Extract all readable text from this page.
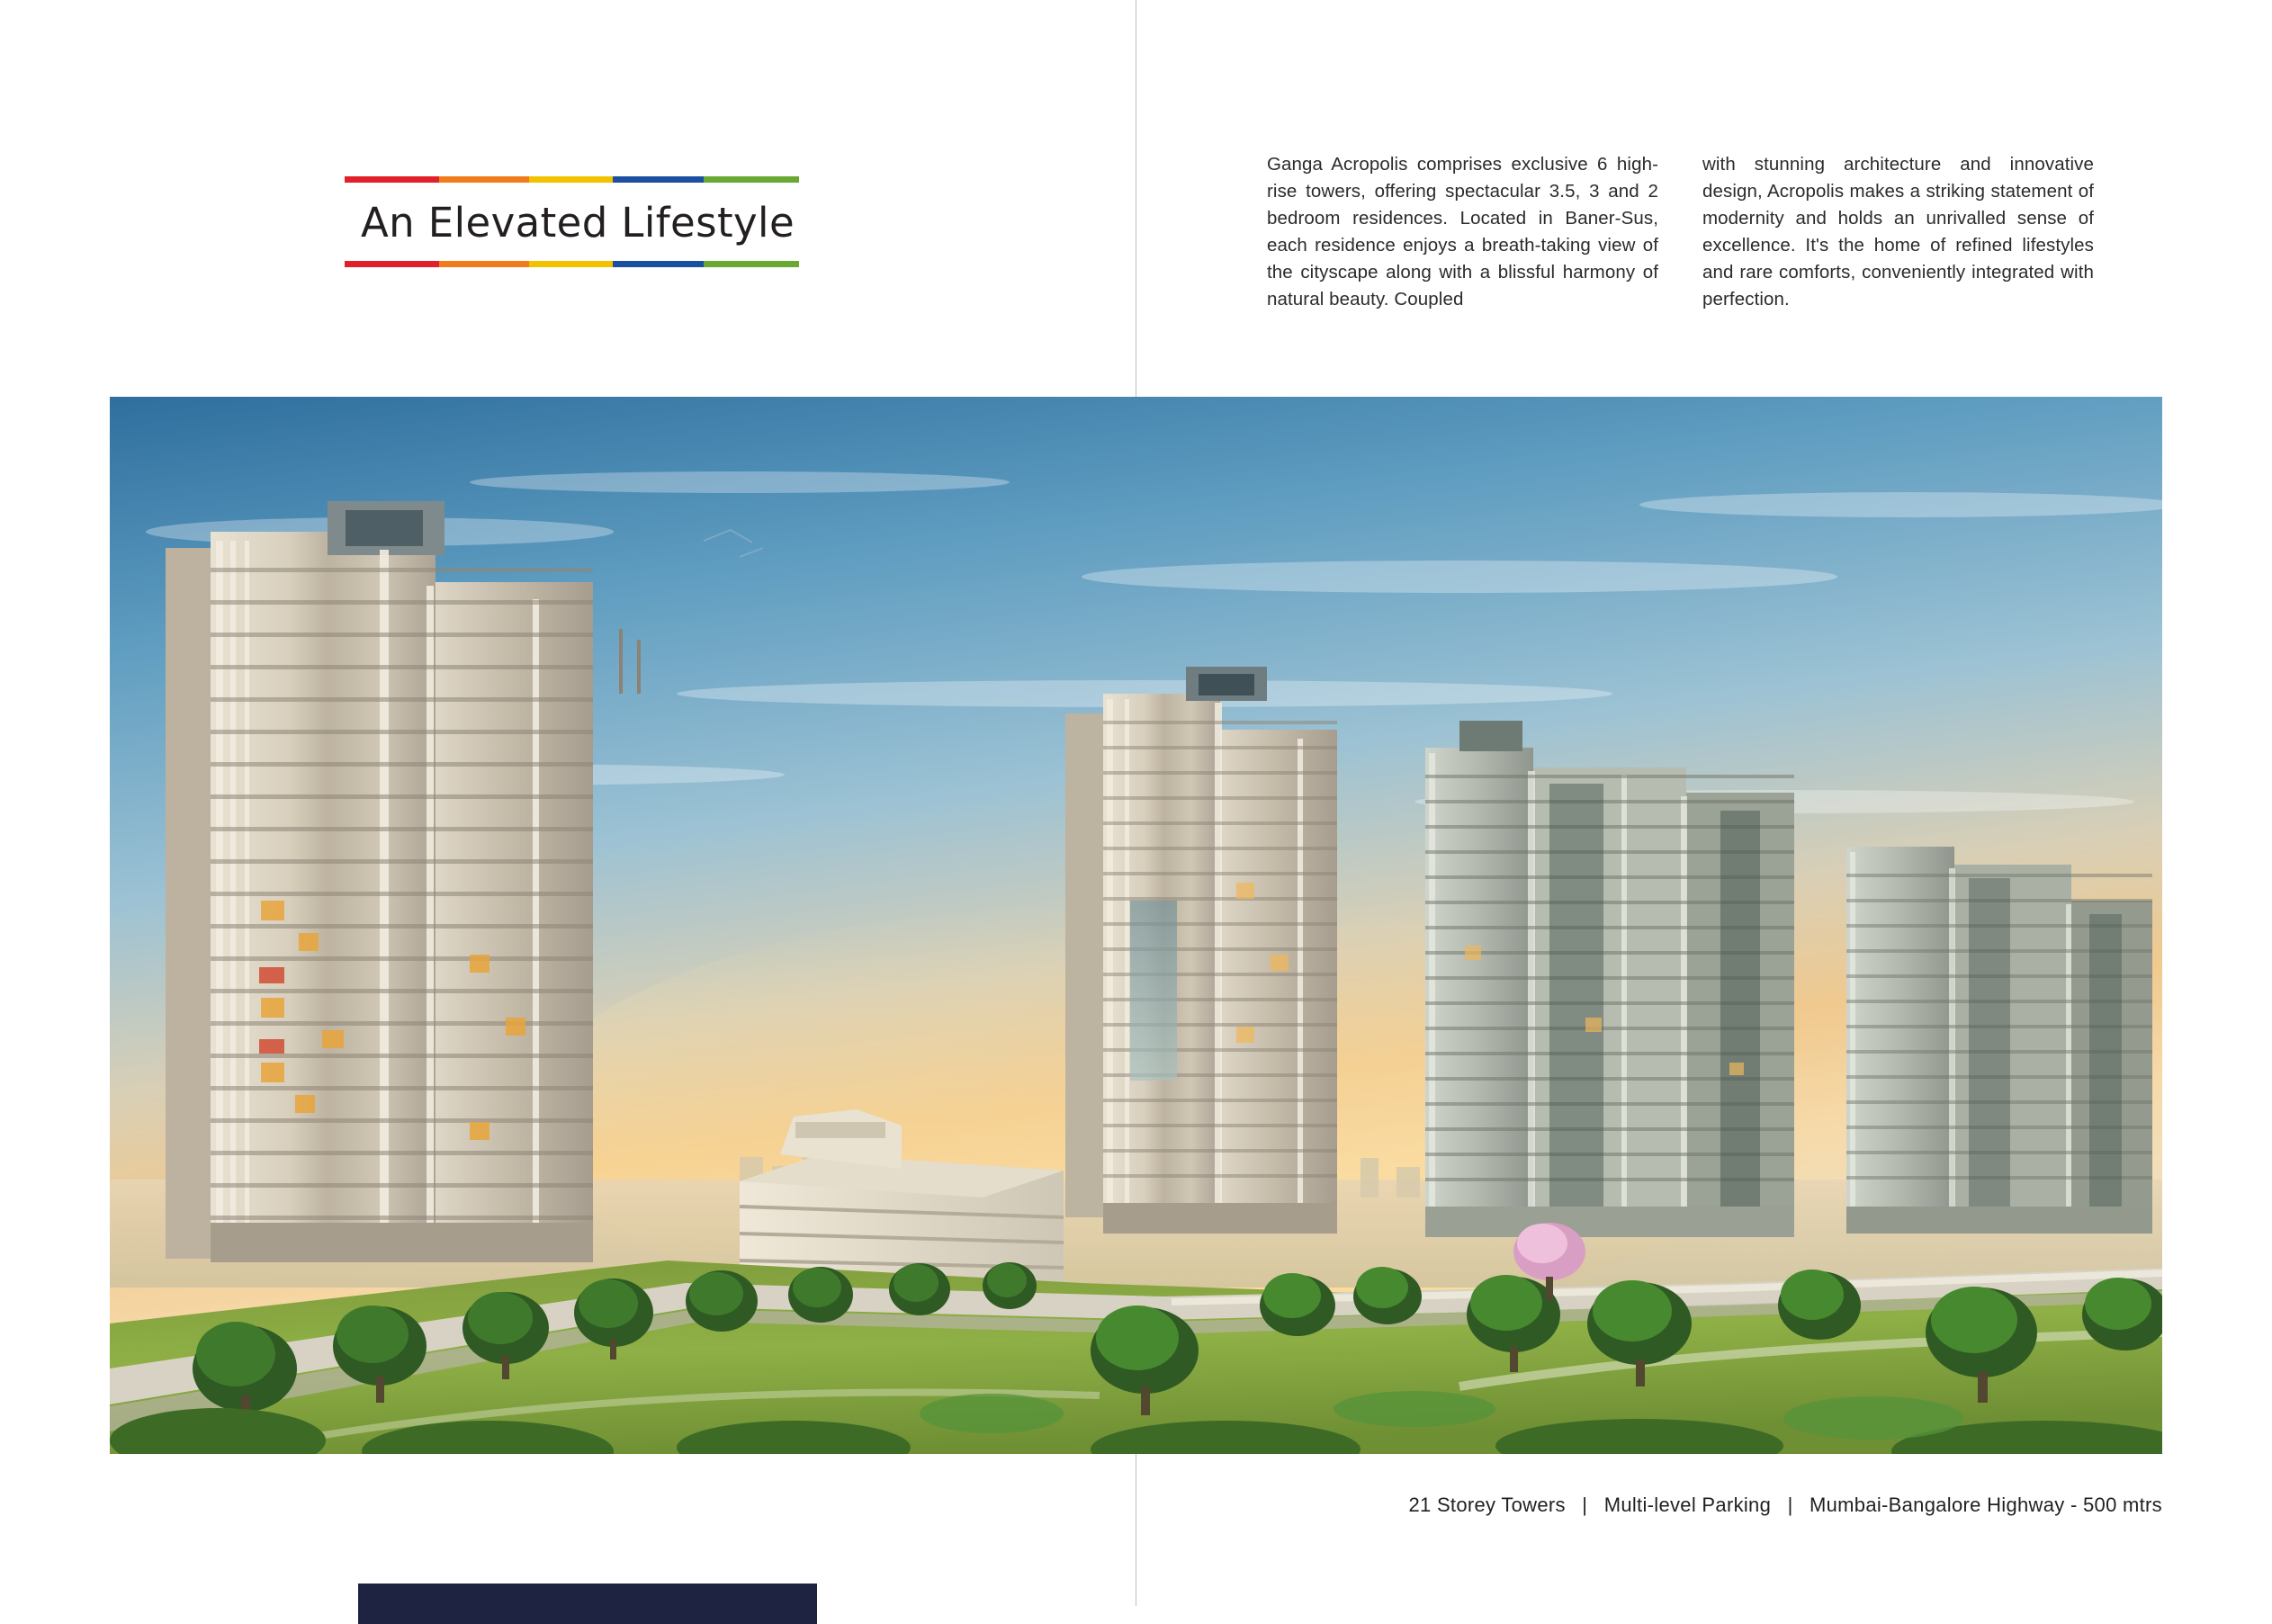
An Elevated Lifestyle

Ganga Acropolis comprises exclusive 6 high-rise towers, offering spectacular 3.5, 3 and 2 bedroom residences. Located in Baner-Sus, each residence enjoys a breath-taking view of the cityscape along with a blissful harmony of natural beauty. Coupled

with stunning architecture and innovative design, Acropolis makes a striking statement of modernity and holds an unrivalled sense of excellence. It's the home of refined lifestyles and rare comforts, conveniently integrated with perfection.

21 Storey Towers | Multi-level Parking | Mumbai-Bangalore Highway - 500 mtrs
